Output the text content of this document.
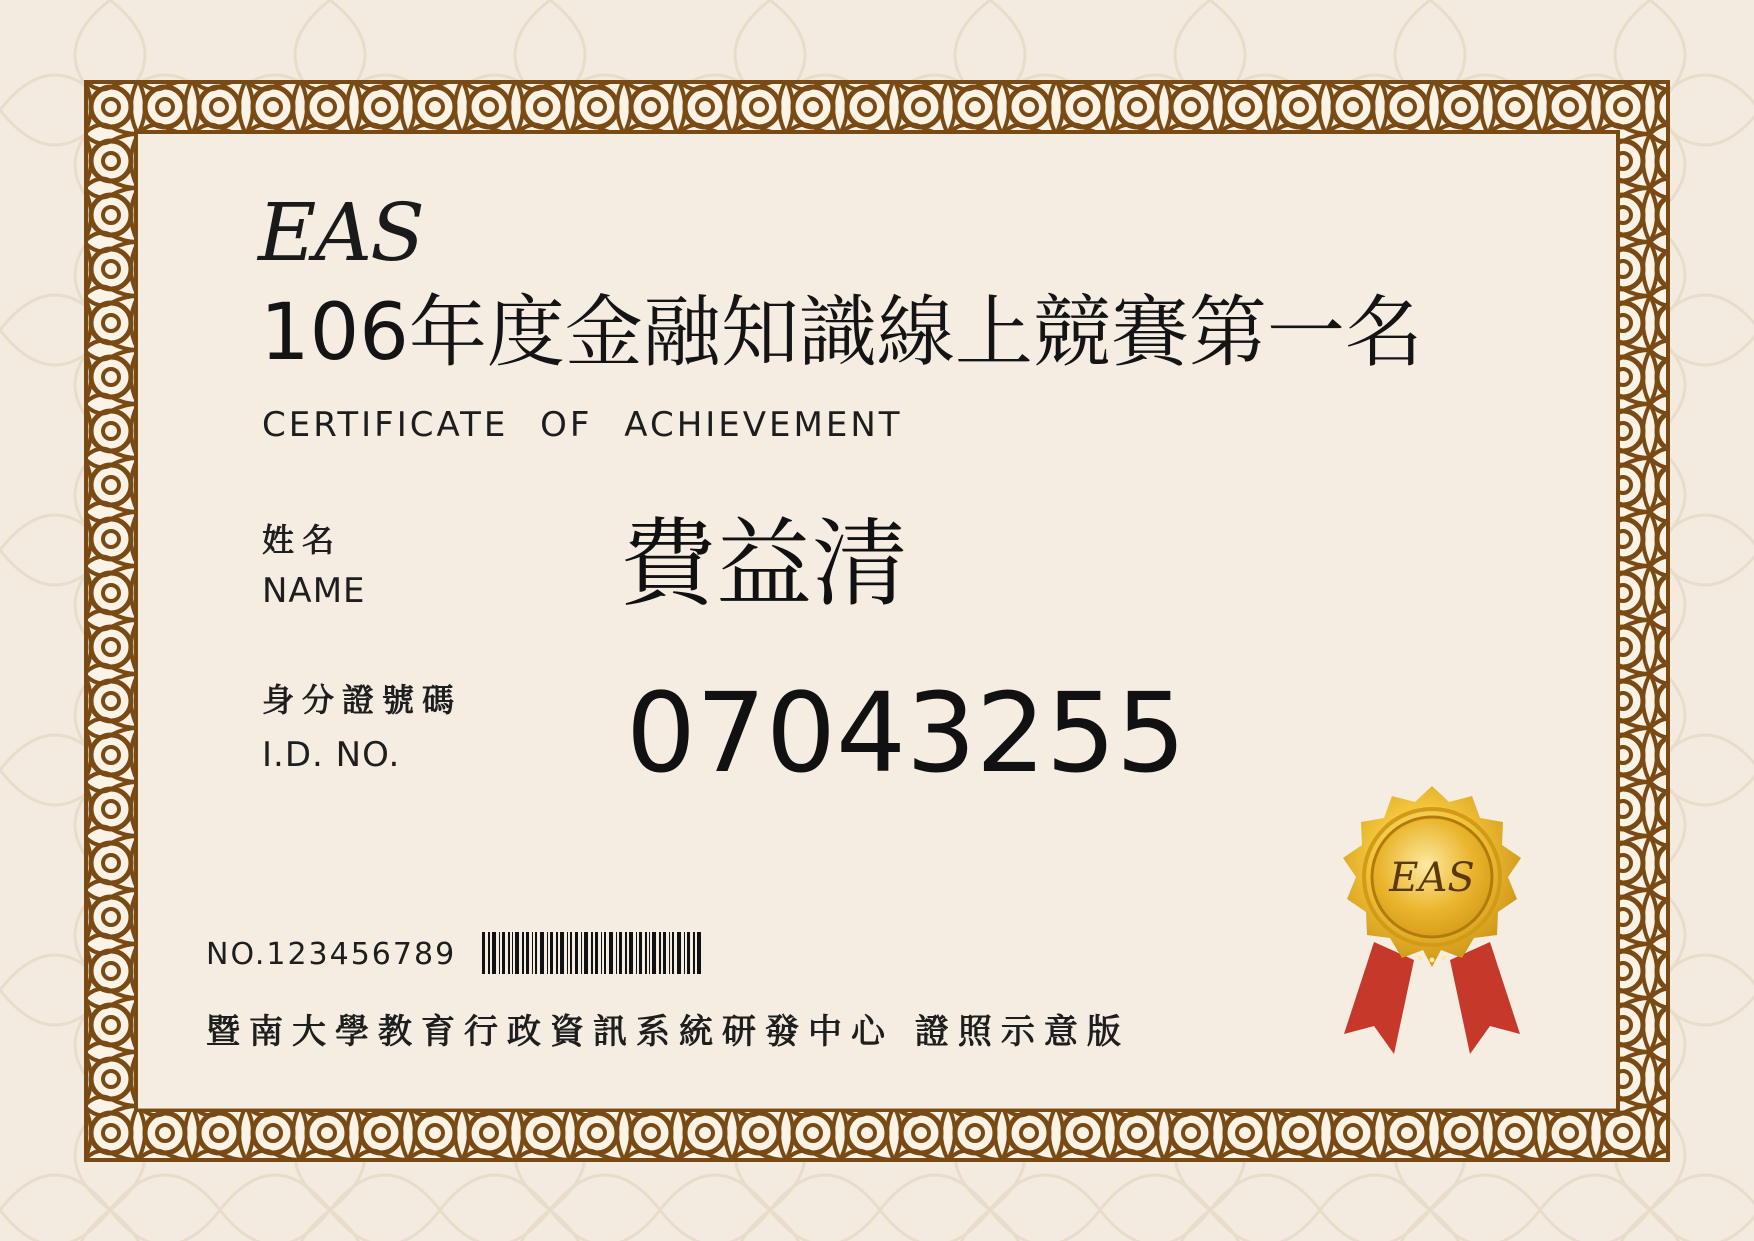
EAS
106年度金融知識線上競賽第一名
CERTIFICATE OF ACHIEVEMENT
姓名
NAME	費益清
身分證號碼
I.D. NO. 07043255
NO.123456789
暨南大學教育行政資訊系統研發中心 證照示意版
EAS
